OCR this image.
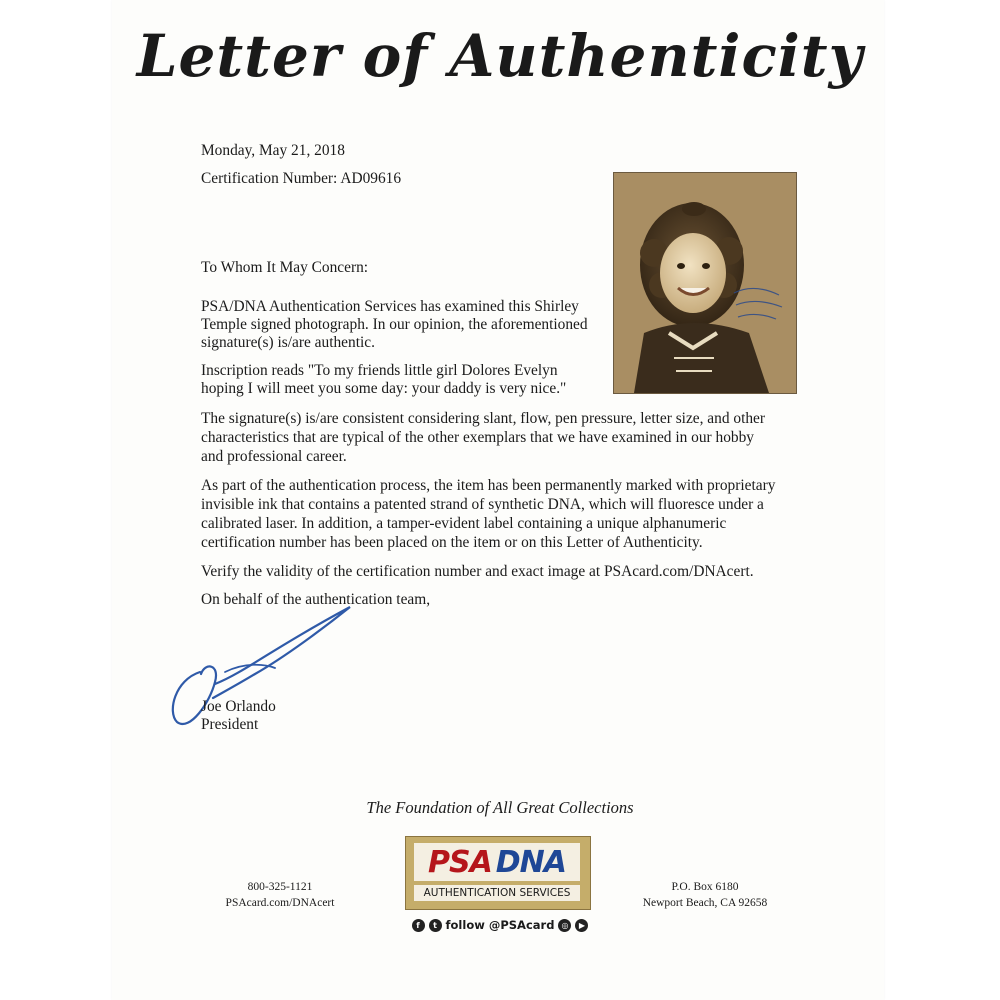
Letter of Authenticity

Monday, May 21, 2018

Certification Number: AD09616

To Whom It May Concern:

PSA/DNA Authentication Services has examined this Shirley

Temple signed photograph. In our opinion, the aforementioned

signature(s) is/are authentic.

Inscription reads "To my friends little girl Dolores Evelyn

hoping I will meet you some day: your daddy is very nice."

The signature(s) is/are consistent considering slant, flow, pen pressure, letter size, and other

characteristics that are typical of the other exemplars that we have examined in our hobby

and professional career.

As part of the authentication process, the item has been permanently marked with proprietary

invisible ink that contains a patented strand of synthetic DNA, which will fluoresce under a

calibrated laser. In addition, a tamper-evident label containing a unique alphanumeric

certification number has been placed on the item or on this Letter of Authenticity.

Verify the validity of the certification number and exact image at PSAcard.com/DNAcert.

On behalf of the authentication team,

Joe Orlando

President

The Foundation of All Great Collections

800-325-1121

PSAcard.com/DNAcert

PSA DNA
AUTHENTICATION SERVICES
f	t follow @PSAcard ◎	▶

P.O. Box 6180

Newport Beach, CA 92658
